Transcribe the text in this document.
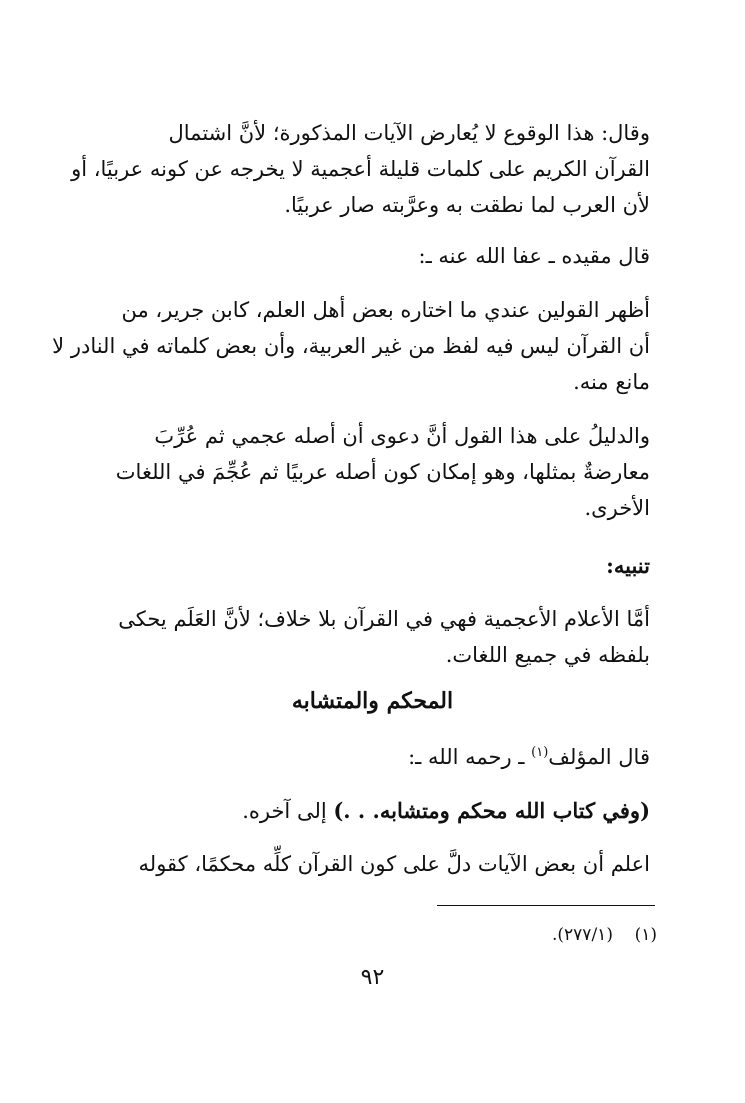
وقال: هذا الوقوع لا يُعارض الآيات المذكورة؛ لأنَّ اشتمال
القرآن الكريم على كلمات قليلة أعجمية لا يخرجه عن كونه عربيًا، أو
لأن العرب لما نطقت به وعرَّبته صار عربيًا.
قال مقيده ـ عفا الله عنه ـ:
أظهر القولين عندي ما اختاره بعض أهل العلم، كابن جرير، من
أن القرآن ليس فيه لفظ من غير العربية، وأن بعض كلماته في النادر لا
مانع منه.
والدليلُ على هذا القول أنَّ دعوى أن أصله عجمي ثم عُرِّبَ
معارضةٌ بمثلها، وهو إمكان كون أصله عربيًا ثم عُجِّمَ في اللغات
الأخرى.
تنبيه:
أمَّا الأعلام الأعجمية فهي في القرآن بلا خلاف؛ لأنَّ العَلَم يحكى
بلفظه في جميع اللغات.
المحكم والمتشابه
قال المؤلف$^{(١)}$ ـ رحمه الله ـ:
(وفي كتاب الله محكم ومتشابه. . .) إلى آخره.
اعلم أن بعض الآيات دلَّ على كون القرآن كلِّه محكمًا، كقوله
(١)    (٢٧٧/١).
٩٢
